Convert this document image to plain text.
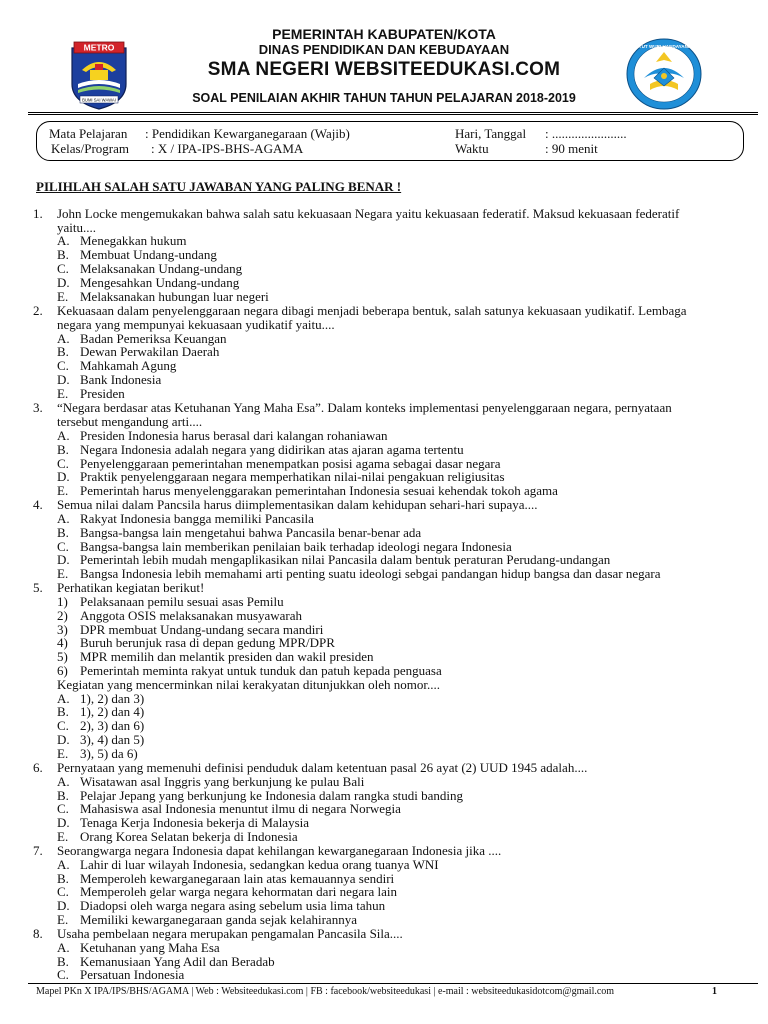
METRO
BUMI SAI WAWAI
TUT WURI HANDAYANI
PEMERINTAH KABUPATEN/KOTA
DINAS PENDIDIKAN DAN KEBUDAYAAN
SMA NEGERI WEBSITEEDUKASI.COM
SOAL PENILAIAN AKHIR TAHUN TAHUN PELAJARAN 2018-2019
Mata Pelajaran : Pendidikan Kewarganegaraan (Wajib)
Kelas/Program : X / IPA-IPS-BHS-AGAMA
Hari, Tanggal : .......................
Waktu	: 90 menit
PILIHLAH SALAH SATU JAWABAN YANG PALING BENAR !
1. John Locke mengemukakan bahwa salah satu kekuasaan Negara yaitu kekuasaan federatif. Maksud kekuasaan federatif
yaitu....
A. Menegakkan hukum
B. Membuat Undang-undang
C. Melaksanakan Undang-undang
D. Mengesahkan Undang-undang
E. Melaksanakan hubungan luar negeri
2. Kekuasaan dalam penyelenggaraan negara dibagi menjadi beberapa bentuk, salah satunya kekuasaan yudikatif. Lembaga
negara yang mempunyai kekuasaan yudikatif yaitu....
A. Badan Pemeriksa Keuangan
B. Dewan Perwakilan Daerah
C. Mahkamah Agung
D. Bank Indonesia
E. Presiden
3. “Negara berdasar atas Ketuhanan Yang Maha Esa”. Dalam konteks implementasi penyelenggaraan negara, pernyataan
tersebut mengandung arti....
A. Presiden Indonesia harus berasal dari kalangan rohaniawan
B. Negara Indonesia adalah negara yang didirikan atas ajaran agama tertentu
C. Penyelenggaraan pemerintahan menempatkan posisi agama sebagai dasar negara
D. Praktik penyelenggaraan negara memperhatikan nilai-nilai pengakuan religiusitas
E. Pemerintah harus menyelenggarakan pemerintahan Indonesia sesuai kehendak tokoh agama
4. Semua nilai dalam Pancsila harus diimplementasikan dalam kehidupan sehari-hari supaya....
A. Rakyat Indonesia bangga memiliki Pancasila
B. Bangsa-bangsa lain mengetahui bahwa Pancasila benar-benar ada
C. Bangsa-bangsa lain memberikan penilaian baik terhadap ideologi negara Indonesia
D. Pemerintah lebih mudah mengaplikasikan nilai Pancasila dalam bentuk peraturan Perudang-undangan
E. Bangsa Indonesia lebih memahami arti penting suatu ideologi sebgai pandangan hidup bangsa dan dasar negara
5. Perhatikan kegiatan berikut!
1) Pelaksanaan pemilu sesuai asas Pemilu
2) Anggota OSIS melaksanakan musyawarah
3) DPR membuat Undang-undang secara mandiri
4) Buruh berunjuk rasa di depan gedung MPR/DPR
5) MPR memilih dan melantik presiden dan wakil presiden
6) Pemerintah meminta rakyat untuk tunduk dan patuh kepada penguasa
Kegiatan yang mencerminkan nilai kerakyatan ditunjukkan oleh nomor....
A. 1), 2) dan 3)
B. 1), 2) dan 4)
C. 2), 3) dan 6)
D. 3), 4) dan 5)
E. 3), 5) da 6)
6. Pernyataan yang memenuhi definisi penduduk dalam ketentuan pasal 26 ayat (2) UUD 1945 adalah....
A. Wisatawan asal Inggris yang berkunjung ke pulau Bali
B. Pelajar Jepang yang berkunjung ke Indonesia dalam rangka studi banding
C. Mahasiswa asal Indonesia menuntut ilmu di negara Norwegia
D. Tenaga Kerja Indonesia bekerja di Malaysia
E. Orang Korea Selatan bekerja di Indonesia
7. Seorangwarga negara Indonesia dapat kehilangan kewarganegaraan Indonesia jika ....
A. Lahir di luar wilayah Indonesia, sedangkan kedua orang tuanya WNI
B. Memperoleh kewarganegaraan lain atas kemauannya sendiri
C. Memperoleh gelar warga negara kehormatan dari negara lain
D. Diadopsi oleh warga negara asing sebelum usia lima tahun
E. Memiliki kewarganegaraan ganda sejak kelahirannya
8. Usaha pembelaan negara merupakan pengamalan Pancasila Sila....
A. Ketuhanan yang Maha Esa
B. Kemanusiaan Yang Adil dan Beradab
C. Persatuan Indonesia
Mapel PKn X IPA/IPS/BHS/AGAMA | Web : Websiteedukasi.com | FB : facebook/websiteedukasi | e-mail : websiteedukasidotcom@gmail.com	1
